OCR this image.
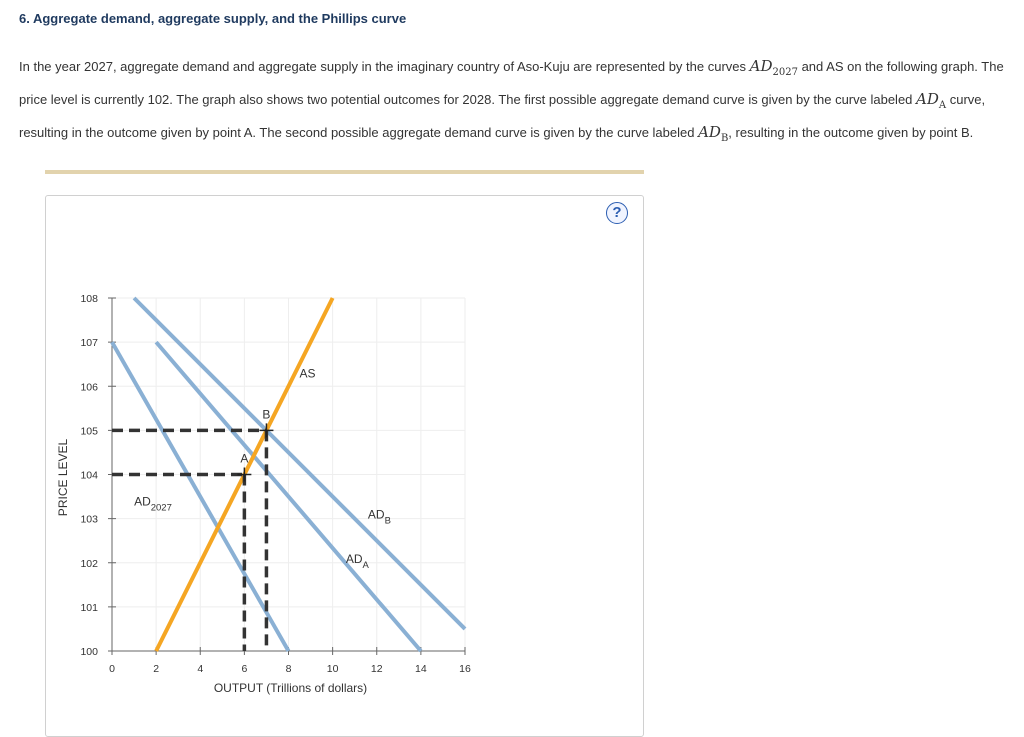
6. Aggregate demand, aggregate supply, and the Phillips curve
In the year 2027, aggregate demand and aggregate supply in the imaginary country of Aso-Kuju are represented by the curves $AD_{2027}$ and AS on the following graph. The price level is currently 102. The graph also shows two potential outcomes for 2028. The first possible aggregate demand curve is given by the curve labeled $AD_A$ curve, resulting in the outcome given by point A. The second possible aggregate demand curve is given by the curve labeled $AD_B$, resulting in the outcome given by point B.
?
0	2	4	6	8	10	12	14	16
100
101
102
103
104
105
106
107
108
A
B
AD 2027
AD A
AD B
AS
OUTPUT (Trillions of dollars)
PRICE LEVEL
